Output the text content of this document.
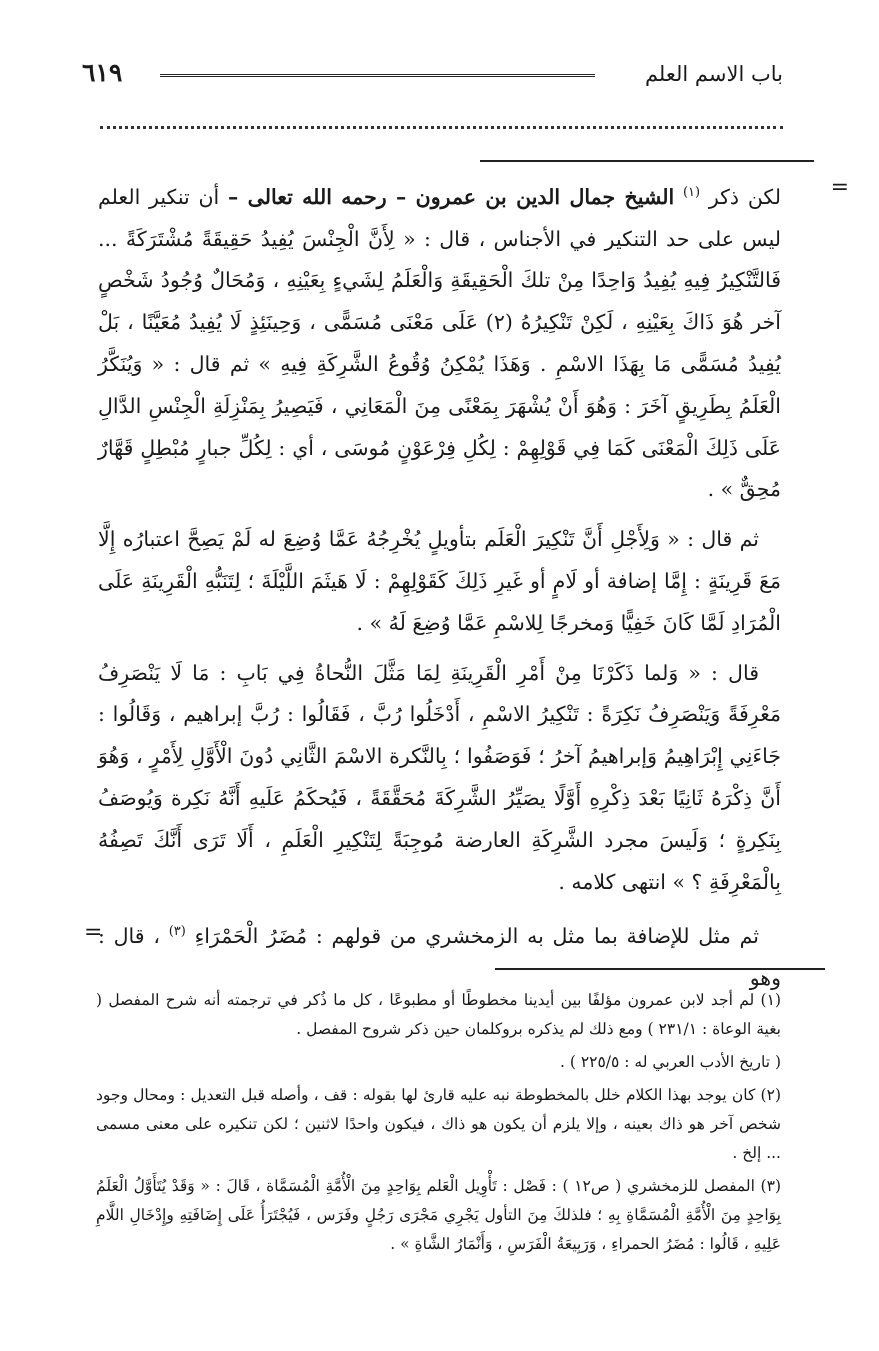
باب الاسم العلم
٦١٩
=

لكن ذكر $^{(١)}$ الشيخ جمال الدين بن عمرون – رحمه الله تعالى – أن تنكير العلم ليس على حد التنكير في الأجناس ، قال : « لِأَنَّ الْجِنْسَ يُفِيدُ حَقِيقَةً مُشْتَرَكَةً ... فَالتَّنْكِيرُ فِيهِ يُفِيدُ وَاحِدًا مِنْ تلكَ الْحَقِيقَةِ وَالْعَلَمُ لِشَيءٍ بِعَيْنِهِ ، وَمُحَالٌ وُجُودُ شَخْصٍ آخر هُوَ ذَاكَ بِعَيْنِهِ ، لَكِنْ تَنْكِيرُهُ (٢) عَلَى مَعْنَى مُسَمًّى ، وَحِينَئِذٍ لَا يُفِيدُ مُعَيَّنًا ، بَلْ يُفِيدُ مُسَمًّى مَا بِهَذَا الاسْمِ . وَهَذَا يُمْكِنُ وُقُوعُ الشَّرِكَةِ فِيهِ » ثم قال : « وَيُنَكَّرُ الْعَلَمُ بِطَرِيقٍ آخَرَ : وَهُوَ أَنْ يُشْهَرَ بِمَعْنًى مِنَ الْمَعَانِي ، فَيَصِيرُ بِمَنْزِلَةِ الْجِنْسِ الدَّالِ عَلَى ذَلِكَ الْمَعْنَى كَمَا فِي قَوْلِهِمْ : لِكُلِ فِرْعَوْنٍ مُوسَى ، أي : لِكُلِّ جبارٍ مُبْطِلٍ قَهَّارٌ مُحِقٌّ » .

ثم قال : « وَلِأَجْلِ أَنَّ تَنْكِيرَ الْعَلَم بتأويلٍ يُخْرِجُهُ عَمَّا وُضِعَ له لَمْ يَصِحَّ اعتبارُه إِلَّا مَعَ قَرِينَةٍ : إِمَّا إضافة أو لَامٍ أو غَيرِ ذَلِكَ كَقَوْلِهِمْ : لَا هَيثَمَ اللَّيْلَةَ ؛ لِتَنَبُّهِ الْقَرِينَةِ عَلَى الْمُرَادِ لَمَّا كَانَ خَفِيًّا وَمخرجًا لِلاسْمِ عَمَّا وُضِعَ لَهُ » .

قال : « وَلما ذَكَرْنَا مِنْ أَمْرِ الْقَرِينَةِ لِمَا مَثَّلَ النُّحاةُ فِي بَابِ : مَا لَا يَنْصَرِفُ مَعْرِفَةً وَيَنْصَرِفُ نَكِرَةً : تَنْكِيرُ الاسْمِ ، أَدْخَلُوا رُبَّ ، فَقَالُوا : رُبَّ إبراهيم ، وَقَالُوا : جَاءَنِي إِبْرَاهِيمُ وَإبراهيمُ آخرُ ؛ فَوَصَفُوا ؛ بِالنَّكرة الاسْمَ الثَّانِي دُونَ الْأَوَّلِ لِأَمْرٍ ، وَهُوَ أَنَّ ذِكْرَهُ ثَانِيًا بَعْدَ ذِكْرِهِ أَوَّلًا يصَيِّرُ الشَّرِكَةَ مُحَقَّقَةً ، فَيُحكَمُ عَلَيهِ أَنَّهُ نَكِرة وَيُوصَفُ بِنَكِرةٍ ؛ وَلَيسَ مجرد الشَّرِكَةِ العارضة مُوجِبَةً لِتَنْكِيرِ الْعَلَمِ ، أَلَا تَرَى أَنَّكَ تَصِفُهُ بِالْمَعْرِفَةِ ؟ » انتهى كلامه .

ثم مثل للإضافة بما مثل به الزمخشري من قولهم : مُضَرُ الْحَمْرَاءِ $^{(٣)}$ ، قال : وهو

=

(١) لم أجد لابن عمرون مؤلفًا بين أيدينا مخطوطًا أو مطبوعًا ، كل ما ذُكر في ترجمته أنه شرح المفصل ( بغية الوعاة : ٢٣١/١ ) ومع ذلك لم يذكره بروكلمان حين ذكر شروح المفصل .

( تاريخ الأدب العربي له : ٢٢٥/٥ ) .

(٢) كان يوجد بهذا الكلام خلل بالمخطوطة نبه عليه قارئ لها بقوله : قف ، وأصله قبل التعديل : ومحال وجود شخص آخر هو ذاك بعينه ، وإلا يلزم أن يكون هو ذاك ، فيكون واحدًا لاثنين ؛ لكن تنكيره على معنى مسمى ... إلخ .

(٣) المفصل للزمخشري ( ص١٢ ) : فَصْل : تَأْوِيل الْعَلم بِوَاحِدٍ مِنَ الْأُمَّةِ الْمُسَمَّاة ، قَالَ : « وَقَدْ يُتَأَوَّلُ الْعَلَمُ بِوَاحِدٍ مِنَ الْأُمَّةِ الْمُسَمَّاةِ بِهِ ؛ فلذلكَ مِنَ التأول يَجْرِي مَجْرَى رَجُلٍ وفَرَس ، فَيُجْتَرَأُ عَلَى إِضَافَتِهِ وإِدْخَالِ اللَّامِ عَلِيهِ ، قَالُوا : مُضَرُ الحمراءِ ، وَرَبِيعَةُ الْفَرَسِ ، وَأَنْمَارُ الشَّاةِ » .
